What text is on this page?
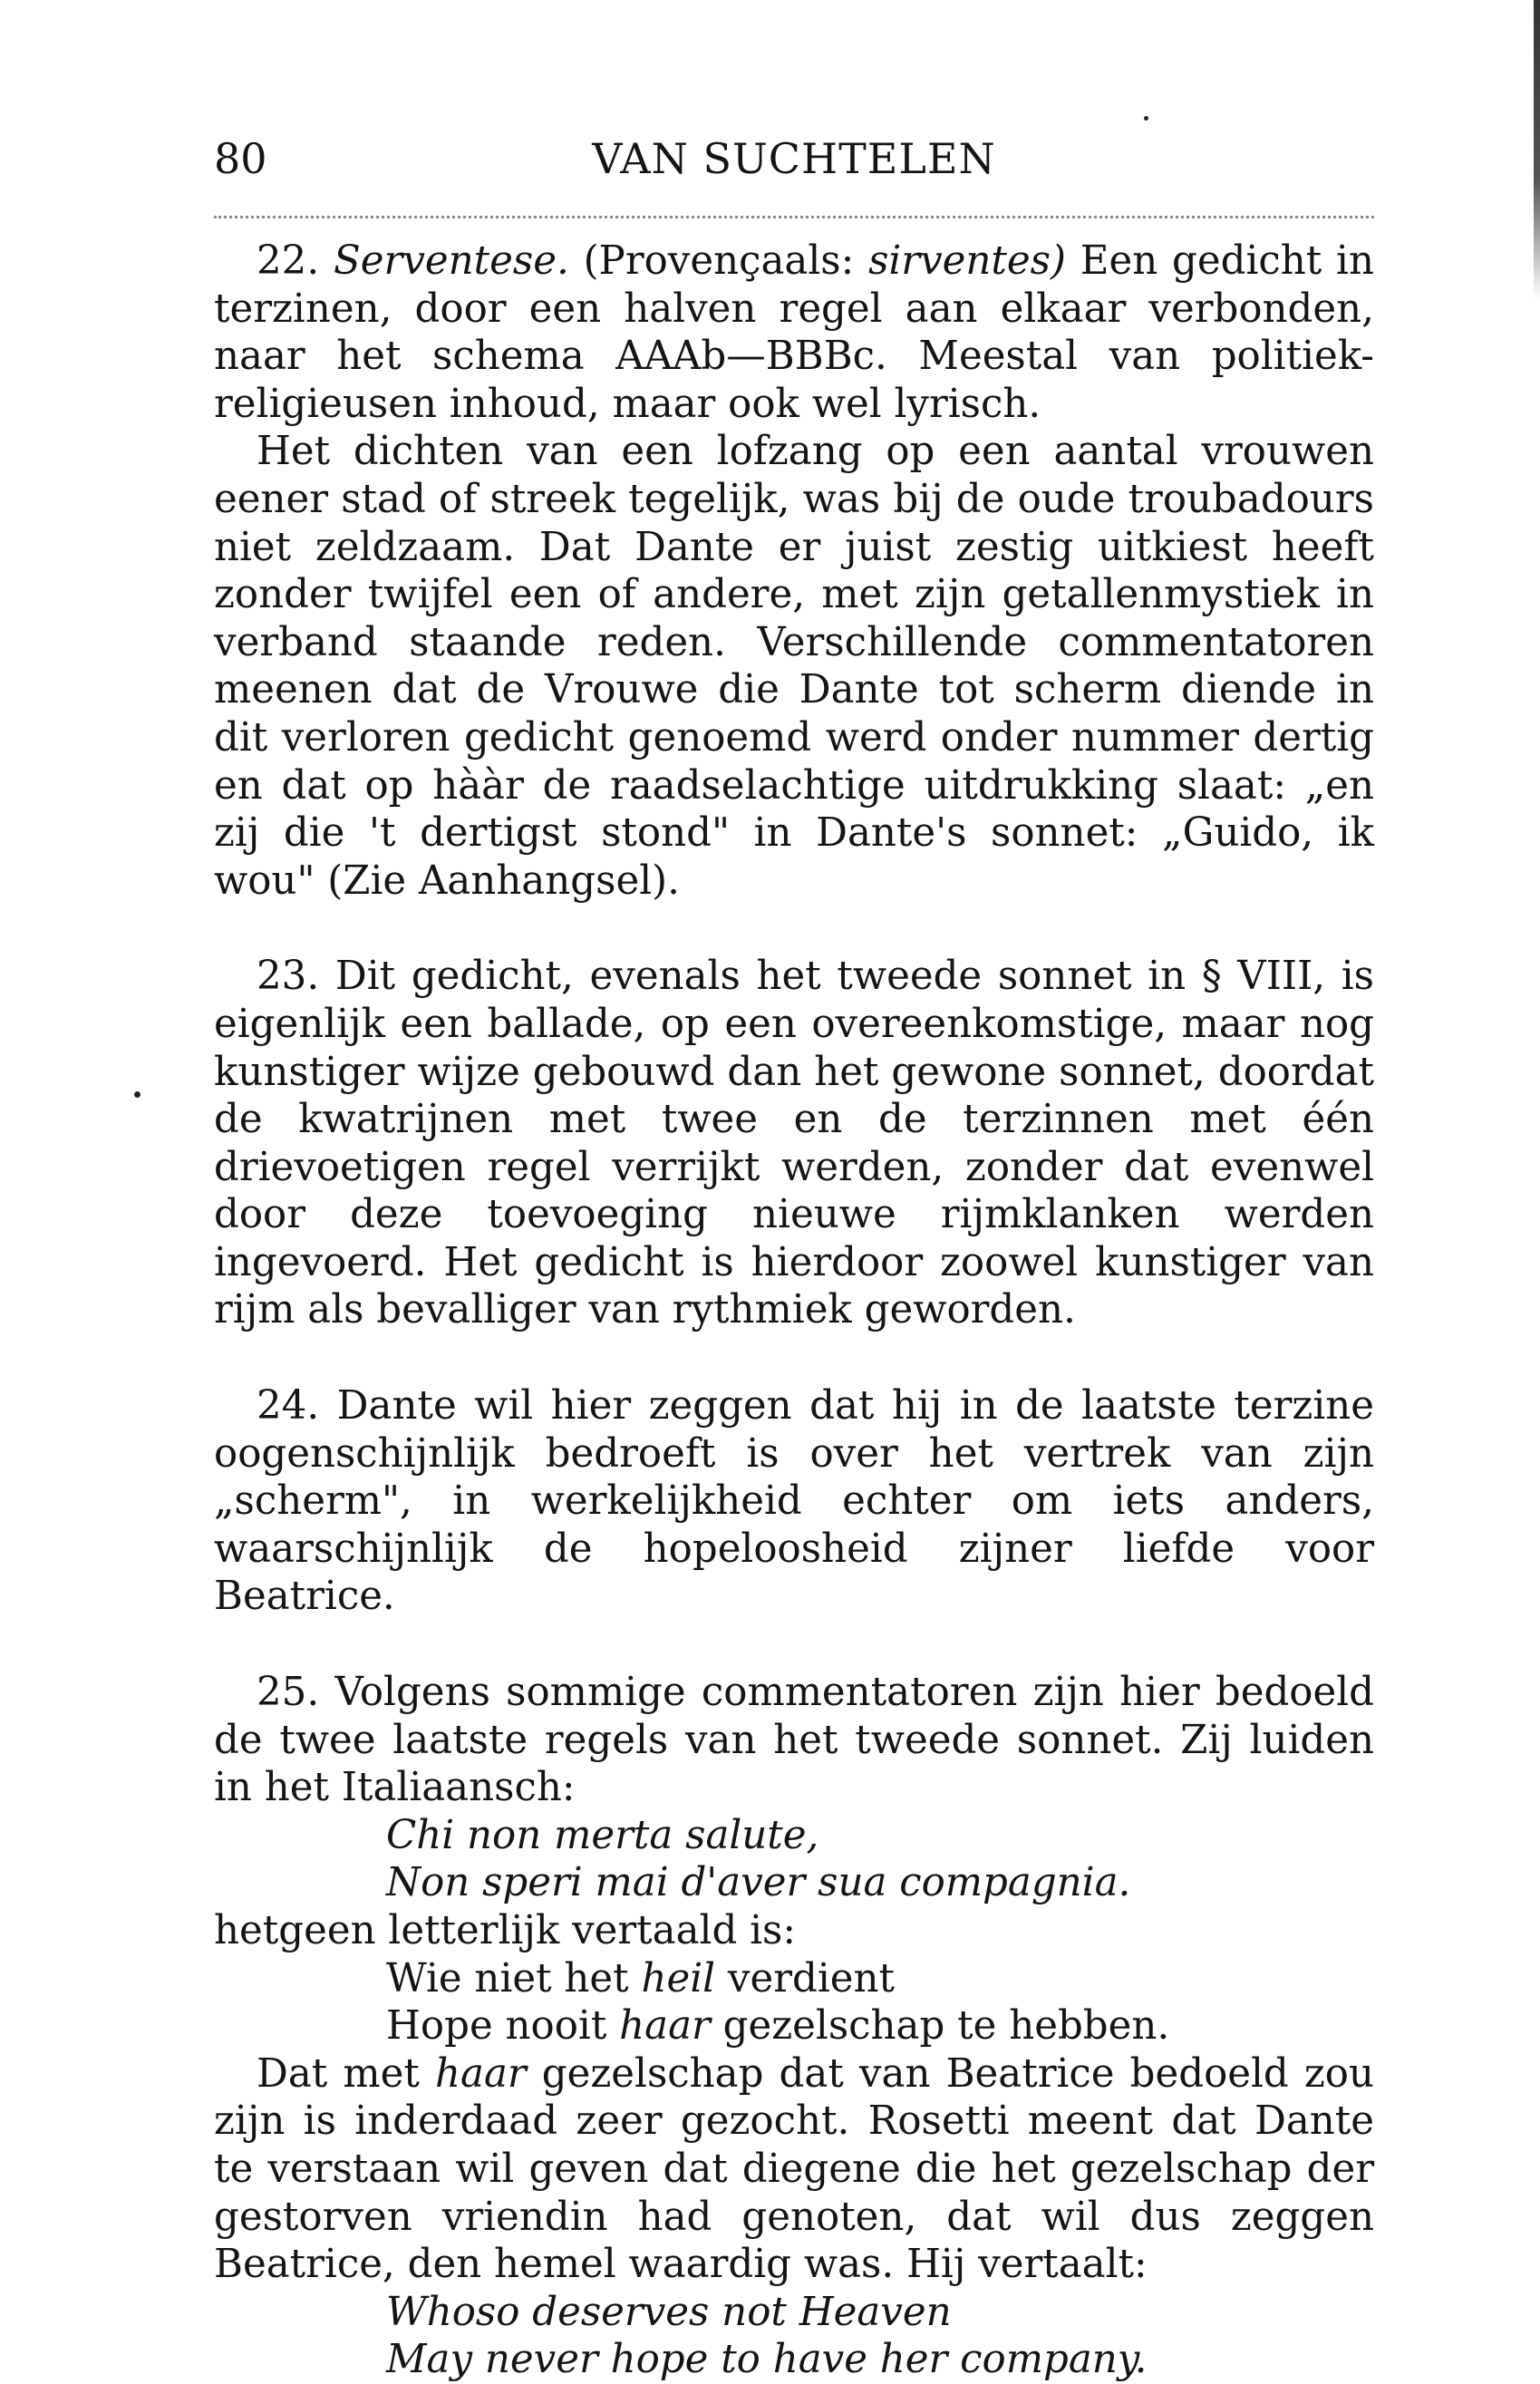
80	VAN SUCHTELEN

22. Serventese. (Provençaals: sirventes) Een gedicht in terzinen, door een halven regel aan elkaar verbonden, naar het schema AAAb—BBBc. Meestal van politiek-religieusen inhoud, maar ook wel lyrisch.

Het dichten van een lofzang op een aantal vrouwen eener stad of streek tegelijk, was bij de oude troubadours niet zeldzaam. Dat Dante er juist zestig uitkiest heeft zonder twijfel een of andere, met zijn getallenmystiek in verband staande reden. Verschillende commentatoren meenen dat de Vrouwe die Dante tot scherm diende in dit verloren gedicht genoemd werd onder nummer dertig en dat op hààr de raadselachtige uitdrukking slaat: „en zij die 't dertigst stond" in Dante's sonnet: „Guido, ik wou" (Zie Aanhangsel).

23. Dit gedicht, evenals het tweede sonnet in § VIII, is eigenlijk een ballade, op een overeenkomstige, maar nog kunstiger wijze gebouwd dan het gewone sonnet, doordat de kwatrijnen met twee en de terzinnen met één drievoetigen regel verrijkt werden, zonder dat evenwel door deze toevoeging nieuwe rijmklanken werden ingevoerd. Het gedicht is hierdoor zoowel kunstiger van rijm als bevalliger van rythmiek geworden.

24. Dante wil hier zeggen dat hij in de laatste terzine oogenschijnlijk bedroeft is over het vertrek van zijn „scherm", in werkelijkheid echter om iets anders, waarschijnlijk de hopeloosheid zijner liefde voor Beatrice.

25. Volgens sommige commentatoren zijn hier bedoeld de twee laatste regels van het tweede sonnet. Zij luiden in het Italiaansch:

Chi non merta salute,

Non speri mai d'aver sua compagnia.

hetgeen letterlijk vertaald is:

Wie niet het heil verdient

Hope nooit haar gezelschap te hebben.

Dat met haar gezelschap dat van Beatrice bedoeld zou zijn is inderdaad zeer gezocht. Rosetti meent dat Dante te verstaan wil geven dat diegene die het gezelschap der gestorven vriendin had genoten, dat wil dus zeggen Beatrice, den hemel waardig was. Hij vertaalt:

Whoso deserves not Heaven

May never hope to have her company.
